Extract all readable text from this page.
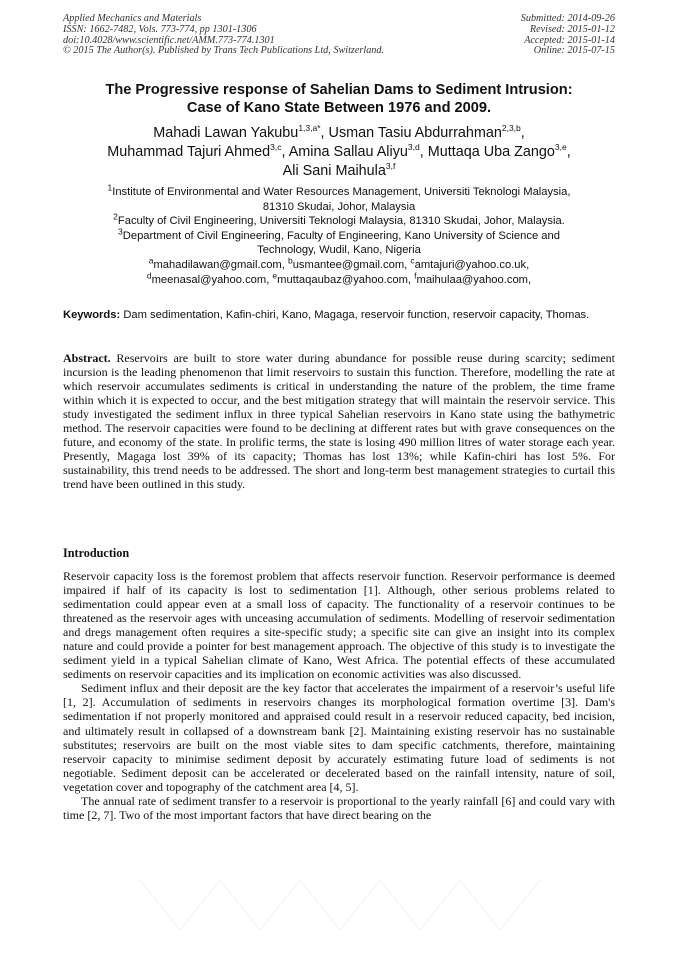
Applied Mechanics and Materials
ISSN: 1662-7482, Vols. 773-774, pp 1301-1306
doi:10.4028/www.scientific.net/AMM.773-774.1301
© 2015 The Author(s). Published by Trans Tech Publications Ltd, Switzerland.
Submitted: 2014-09-26
Revised: 2015-01-12
Accepted: 2015-01-14
Online: 2015-07-15
The Progressive response of Sahelian Dams to Sediment Intrusion:
Case of Kano State Between 1976 and 2009.
Mahadi Lawan Yakubu$^{1,3,a*}$, Usman Tasiu Abdurrahman$^{2,3,b}$,
Muhammad Tajuri Ahmed$^{3,c}$, Amina Sallau Aliyu$^{3,d}$, Muttaqa Uba Zango$^{3,e}$,
Ali Sani Maihula$^{3,f}$
$^1$Institute of Environmental and Water Resources Management, Universiti Teknologi Malaysia,
81310 Skudai, Johor, Malaysia
$^2$Faculty of Civil Engineering, Universiti Teknologi Malaysia, 81310 Skudai, Johor, Malaysia.
$^3$Department of Civil Engineering, Faculty of Engineering, Kano University of Science and
Technology, Wudil, Kano, Nigeria
$^a$mahadilawan@gmail.com, $^b$usmantee@gmail.com, $^c$amtajuri@yahoo.co.uk,
$^d$meenasal@yahoo.com, $^e$muttaqaubaz@yahoo.com, $^f$maihulaa@yahoo.com,
Keywords: Dam sedimentation, Kafin-chiri, Kano, Magaga, reservoir function, reservoir capacity, Thomas.
Abstract. Reservoirs are built to store water during abundance for possible reuse during scarcity; sediment incursion is the leading phenomenon that limit reservoirs to sustain this function. Therefore, modelling the rate at which reservoir accumulates sediments is critical in understanding the nature of the problem, the time frame within which it is expected to occur, and the best mitigation strategy that will maintain the reservoir service. This study investigated the sediment influx in three typical Sahelian reservoirs in Kano state using the bathymetric method. The reservoir capacities were found to be declining at different rates but with grave consequences on the future, and economy of the state. In prolific terms, the state is losing 490 million litres of water storage each year. Presently, Magaga lost 39% of its capacity; Thomas has lost 13%; while Kafin-chiri has lost 5%. For sustainability, this trend needs to be addressed. The short and long-term best management strategies to curtail this trend have been outlined in this study.
Introduction

Reservoir capacity loss is the foremost problem that affects reservoir function. Reservoir performance is deemed impaired if half of its capacity is lost to sedimentation [1]. Although, other serious problems related to sedimentation could appear even at a small loss of capacity. The functionality of a reservoir continues to be threatened as the reservoir ages with unceasing accumulation of sediments. Modelling of reservoir sedimentation and dregs management often requires a site-specific study; a specific site can give an insight into its complex nature and could provide a pointer for best management approach. The objective of this study is to investigate the sediment yield in a typical Sahelian climate of Kano, West Africa. The potential effects of these accumulated sediments on reservoir capacities and its implication on economic activities was also discussed.

Sediment influx and their deposit are the key factor that accelerates the impairment of a reservoir’s useful life [1, 2]. Accumulation of sediments in reservoirs changes its morphological formation overtime [3]. Dam's sedimentation if not properly monitored and appraised could result in a reservoir reduced capacity, bed incision, and ultimately result in collapsed of a downstream bank [2]. Maintaining existing reservoir has no sustainable substitutes; reservoirs are built on the most viable sites to dam specific catchments, therefore, maintaining reservoir capacity to minimise sediment deposit by accurately estimating future load of sediments is not negotiable. Sediment deposit can be accelerated or decelerated based on the rainfall intensity, nature of soil, vegetation cover and topography of the catchment area [4, 5].

The annual rate of sediment transfer to a reservoir is proportional to the yearly rainfall [6] and could vary with time [2, 7]. Two of the most important factors that have direct bearing on the
